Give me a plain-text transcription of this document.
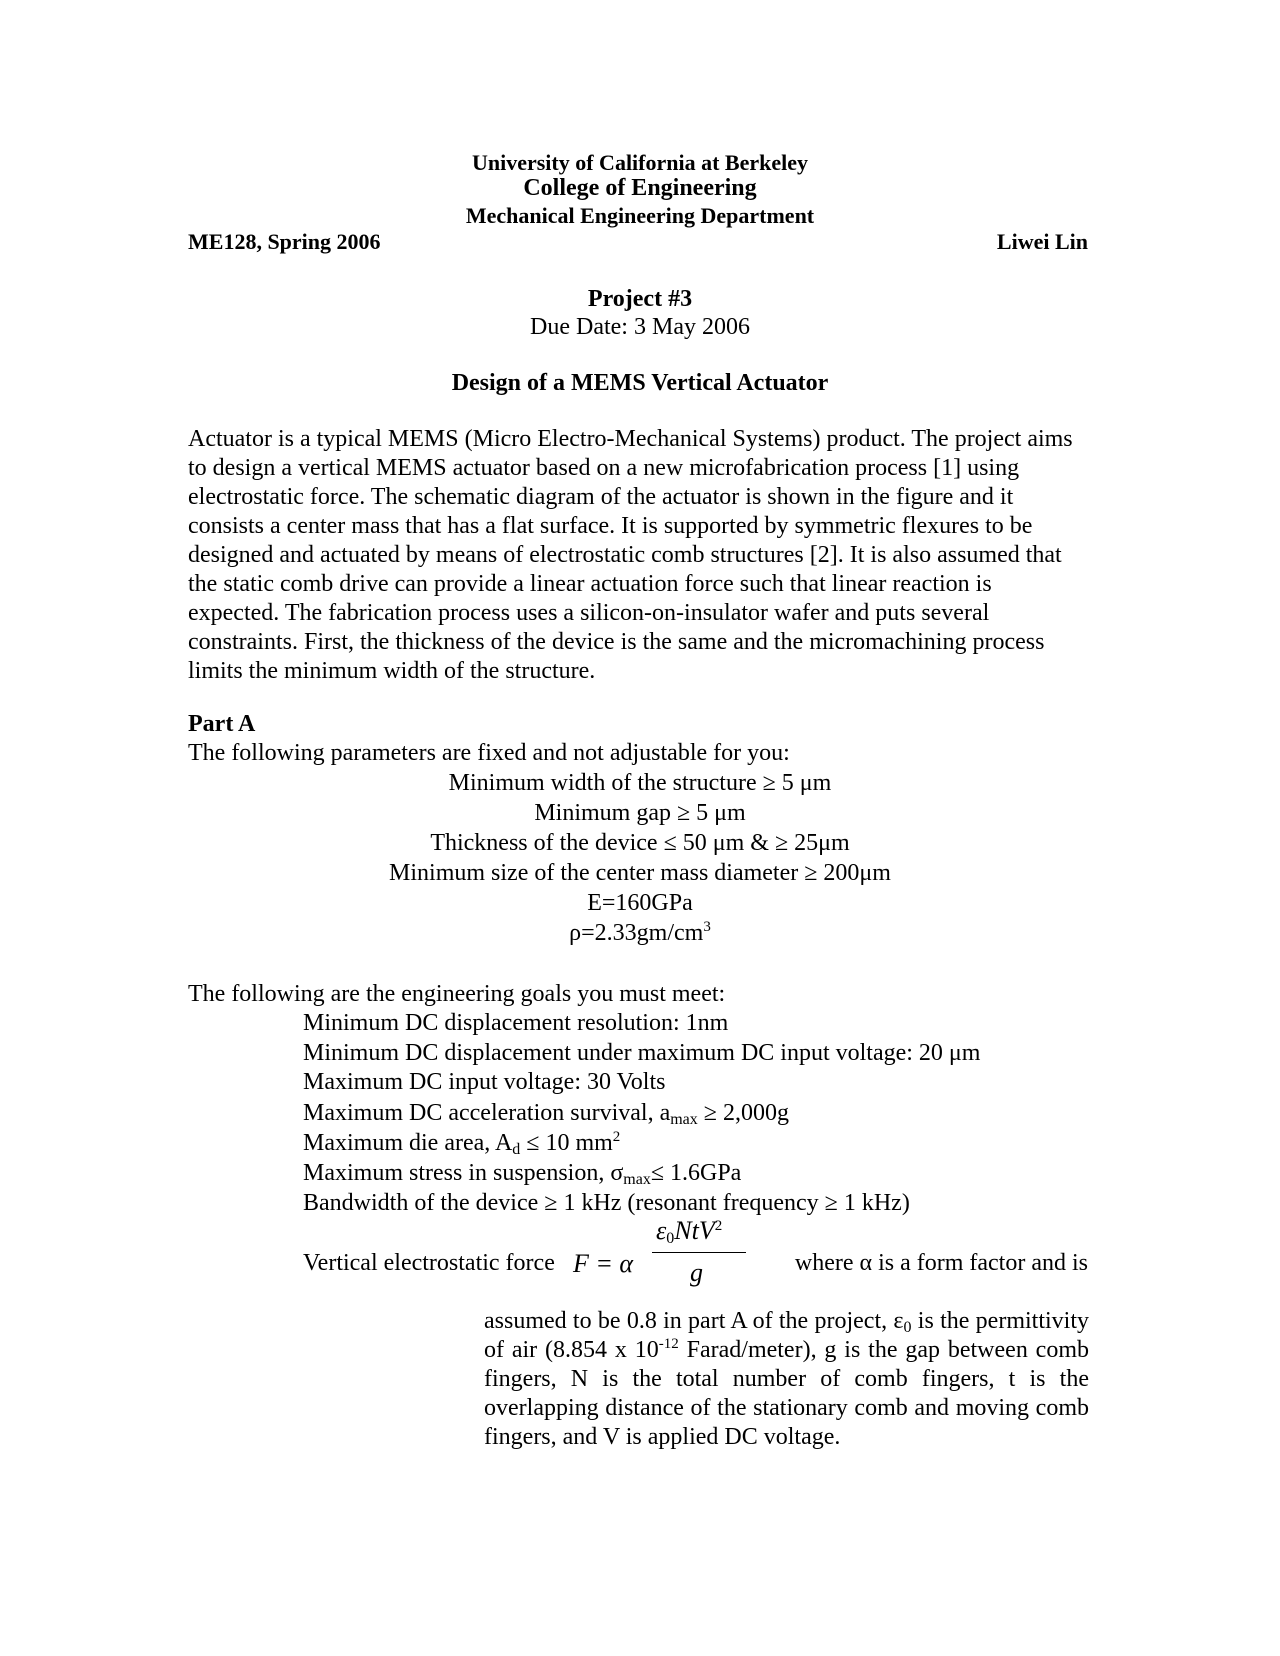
University of California at Berkeley
College of Engineering
Mechanical Engineering Department
ME128, Spring 2006	Liwei Lin
Project #3
Due Date: 3 May 2006
Design of a MEMS Vertical Actuator
Actuator is a typical MEMS (Micro Electro-Mechanical Systems) product. The project aims to design a vertical MEMS actuator based on a new microfabrication process [1] using electrostatic force. The schematic diagram of the actuator is shown in the figure and it consists a center mass that has a flat surface. It is supported by symmetric flexures to be designed and actuated by means of electrostatic comb structures [2]. It is also assumed that the static comb drive can provide a linear actuation force such that linear reaction is expected. The fabrication process uses a silicon-on-insulator wafer and puts several constraints. First, the thickness of the device is the same and the micromachining process limits the minimum width of the structure.
Part A
The following parameters are fixed and not adjustable for you:
Minimum width of the structure ≥ 5 μm
Minimum gap ≥ 5 μm
Thickness of the device ≤ 50 μm & ≥ 25μm
Minimum size of the center mass diameter ≥ 200μm
E=160GPa
$\rho=2.33gm/cm^3$
The following are the engineering goals you must meet:
Minimum DC displacement resolution: 1nm
Minimum DC displacement under maximum DC input voltage: 20 μm
Maximum DC input voltage: 30 Volts
Maximum DC acceleration survival, $a_{max} \ge 2,000g$
Maximum die area, $A_d \le 10$ $mm^2$
Maximum stress in suspension, $\sigma_{max}\le 1.6GPa$
Bandwidth of the device ≥ 1 kHz (resonant frequency ≥ 1 kHz)
Vertical electrostatic force F = α
$\varepsilon_0NtV^2$
g	where α is a form factor and is
assumed to be 0.8 in part A of the project, $\varepsilon_0$ is the permittivity of air (8.854 x $10^{-12}$ Farad/meter), g is the gap between comb fingers, N is the total number of comb fingers, t is the overlapping distance of the stationary comb and moving comb fingers, and V is applied DC voltage.
